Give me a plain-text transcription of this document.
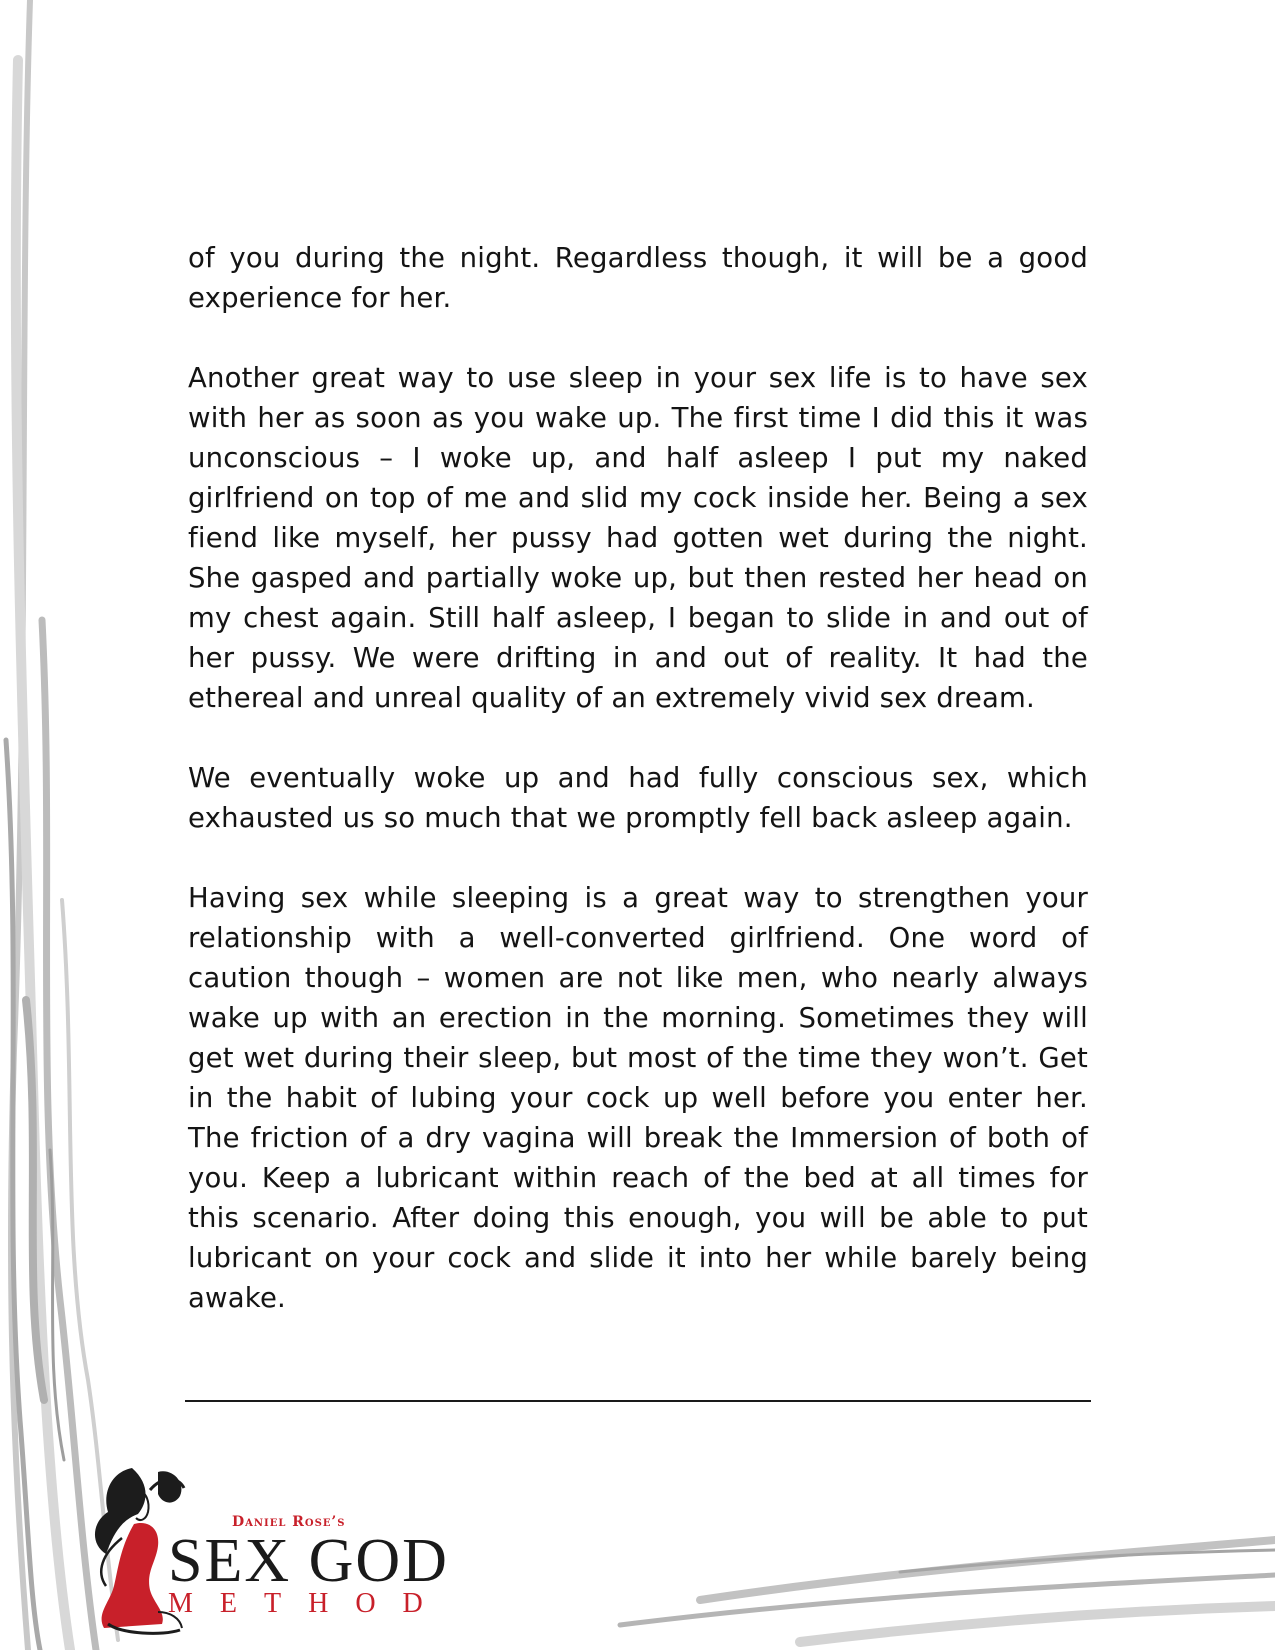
of you during the night. Regardless though, it will be a good experience for her.

Another great way to use sleep in your sex life is to have sex with her as soon as you wake up. The first time I did this it was unconscious – I woke up, and half asleep I put my naked girlfriend on top of me and slid my cock inside her. Being a sex fiend like myself, her pussy had gotten wet during the night. She gasped and partially woke up, but then rested her head on my chest again. Still half asleep, I began to slide in and out of her pussy. We were drifting in and out of reality. It had the ethereal and unreal quality of an extremely vivid sex dream.

We eventually woke up and had fully conscious sex, which exhausted us so much that we promptly fell back asleep again.

Having sex while sleeping is a great way to strengthen your relationship with a well-converted girlfriend. One word of caution though – women are not like men, who nearly always wake up with an erection in the morning. Sometimes they will get wet during their sleep, but most of the time they won’t. Get in the habit of lubing your cock up well before you enter her. The friction of a dry vagina will break the Immersion of both of you. Keep a lubricant within reach of the bed at all times for this scenario. After doing this enough, you will be able to put lubricant on your cock and slide it into her while barely being awake.

Daniel Rose’s
SEX GOD
METHOD
